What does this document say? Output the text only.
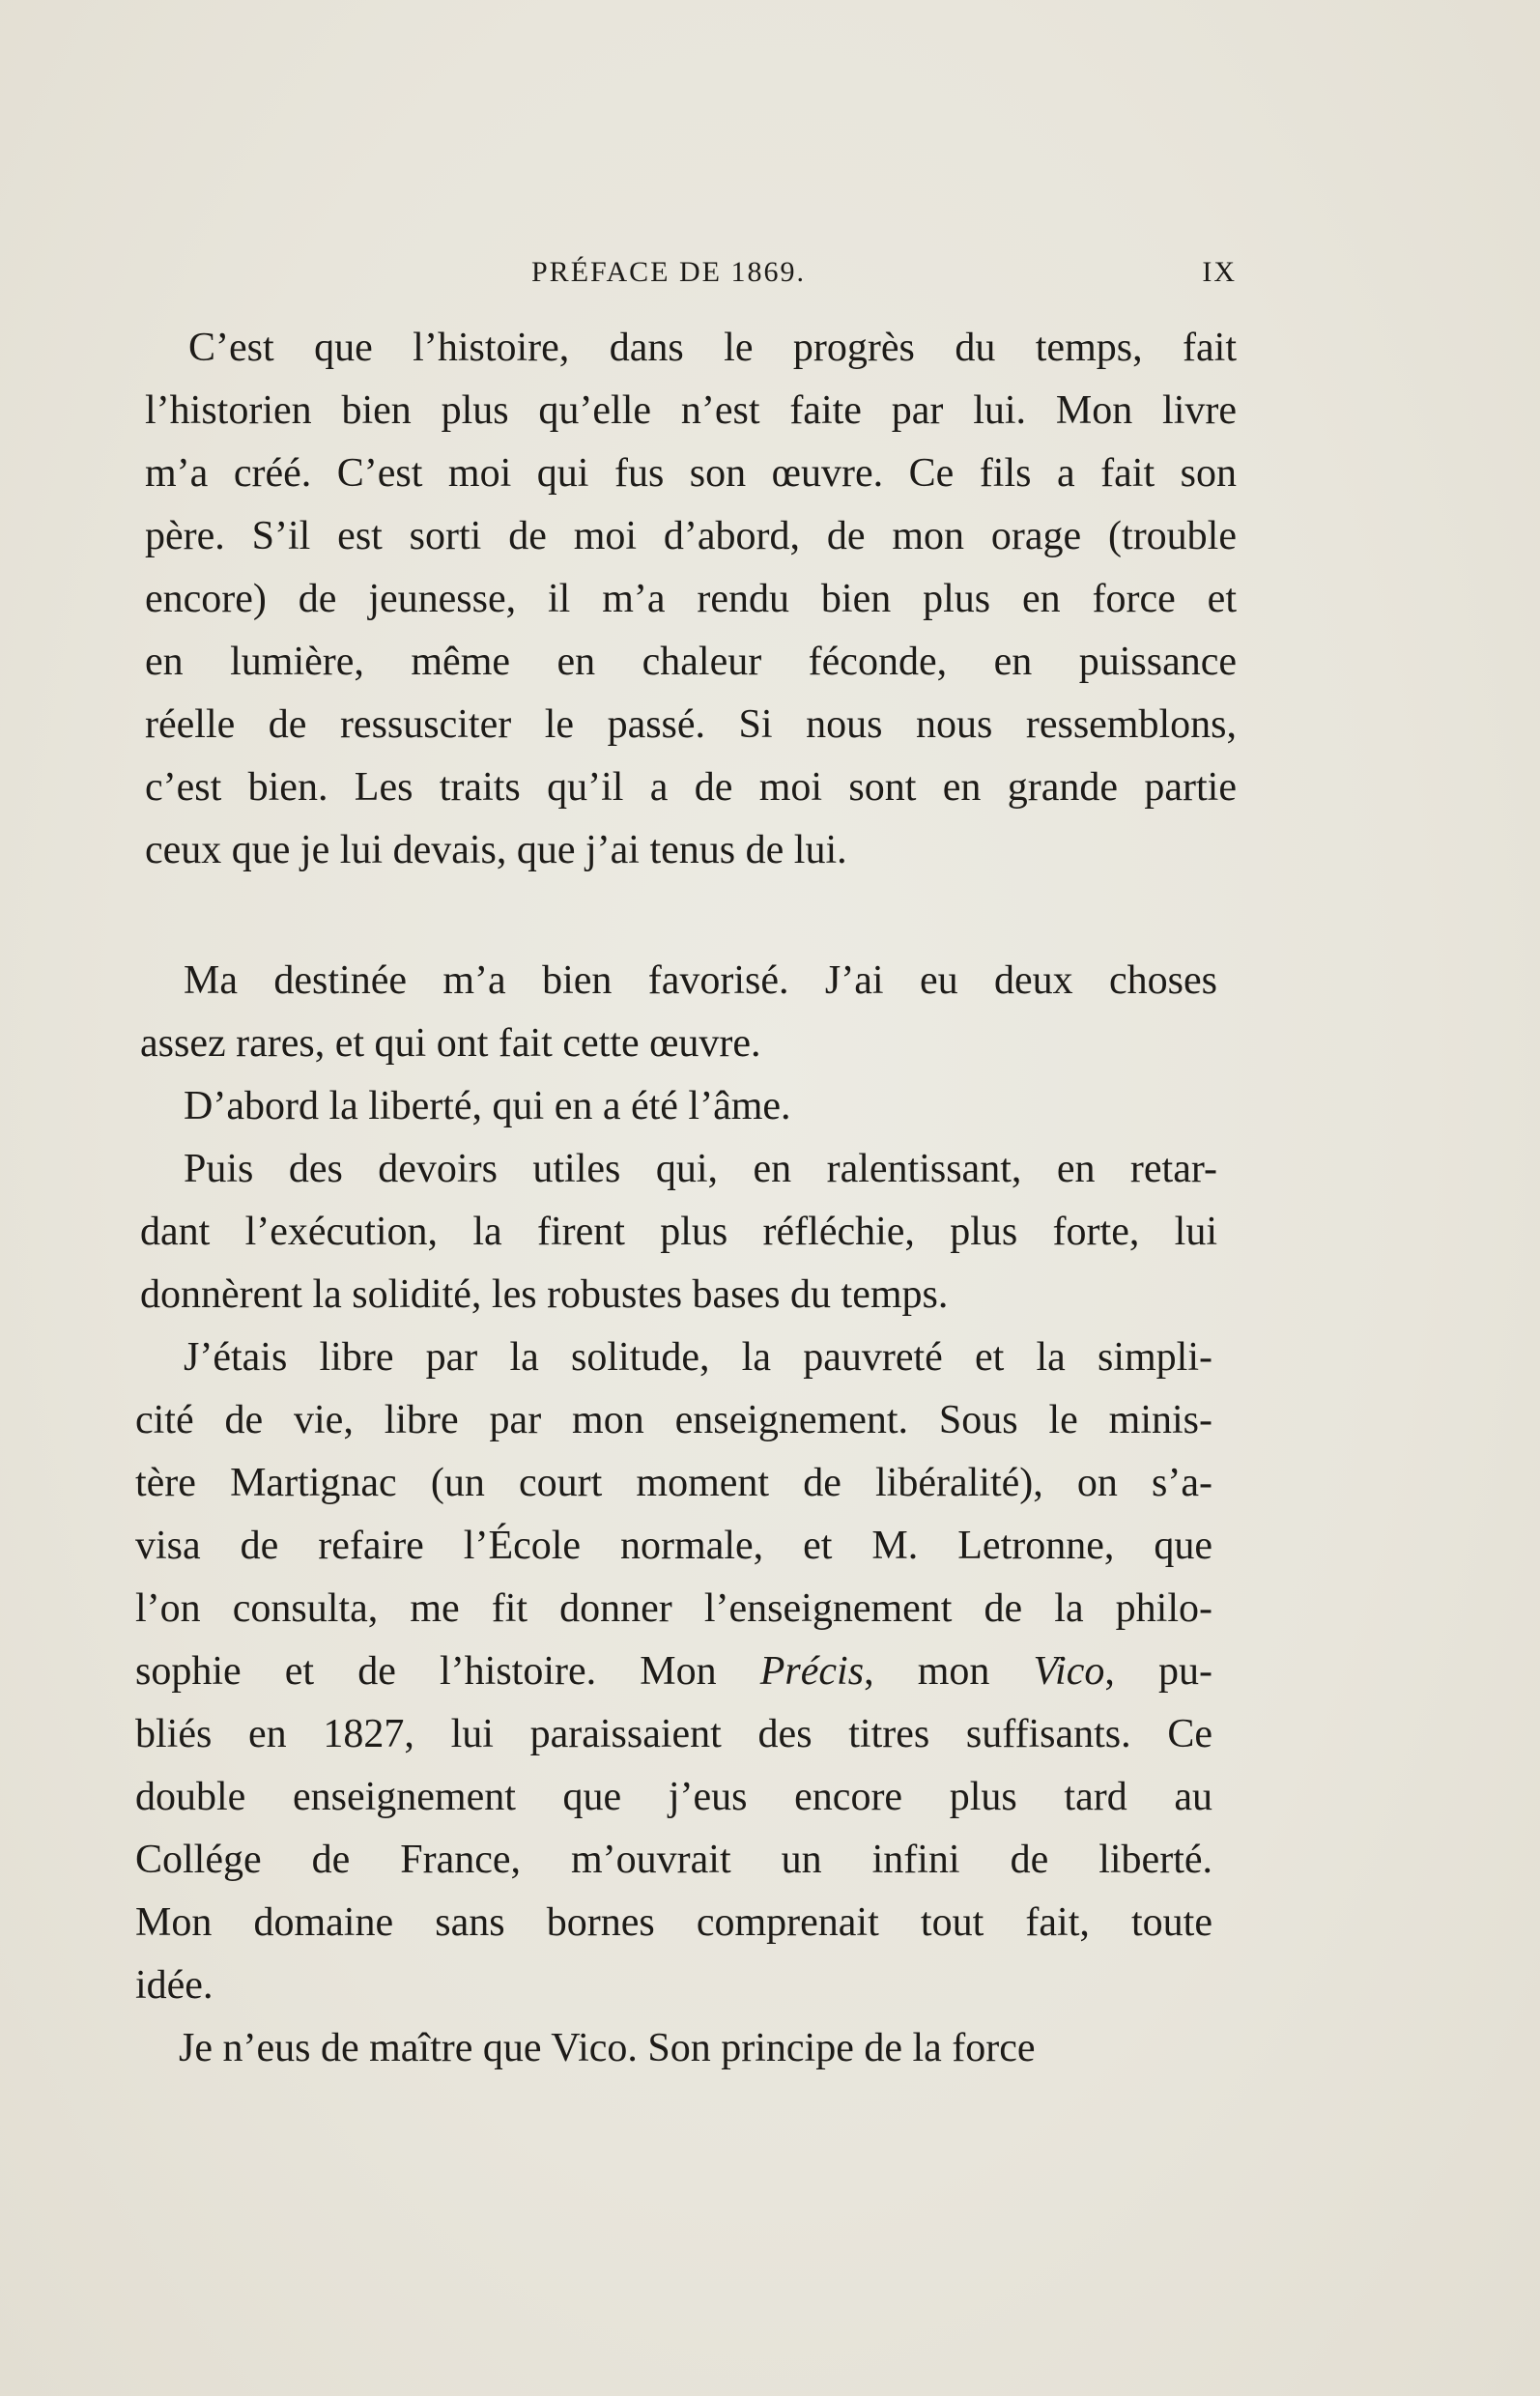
PRÉFACE DE 1869.	IX
C’est que l’histoire, dans le progrès du temps, fait
l’historien bien plus qu’elle n’est faite par lui. Mon livre
m’a créé. C’est moi qui fus son œuvre. Ce fils a fait son
père. S’il est sorti de moi d’abord, de mon orage (trouble
encore) de jeunesse, il m’a rendu bien plus en force et
en lumière, même en chaleur féconde, en puissance
réelle de ressusciter le passé. Si nous nous ressemblons,
c’est bien. Les traits qu’il a de moi sont en grande partie
ceux que je lui devais, que j’ai tenus de lui.
Ma destinée m’a bien favorisé. J’ai eu deux choses
assez rares, et qui ont fait cette œuvre.
D’abord la liberté, qui en a été l’âme.
Puis des devoirs utiles qui, en ralentissant, en retar-
dant l’exécution, la firent plus réfléchie, plus forte, lui
donnèrent la solidité, les robustes bases du temps.
J’étais libre par la solitude, la pauvreté et la simpli-
cité de vie, libre par mon enseignement. Sous le minis-
tère Martignac (un court moment de libéralité), on s’a-
visa de refaire l’École normale, et M. Letronne, que
l’on consulta, me fit donner l’enseignement de la philo-
sophie et de l’histoire. Mon Précis, mon Vico, pu-
bliés en 1827, lui paraissaient des titres suffisants. Ce
double enseignement que j’eus encore plus tard au
Collége de France, m’ouvrait un infini de liberté.
Mon domaine sans bornes comprenait tout fait, toute
idée.
Je n’eus de maître que Vico. Son principe de la force
